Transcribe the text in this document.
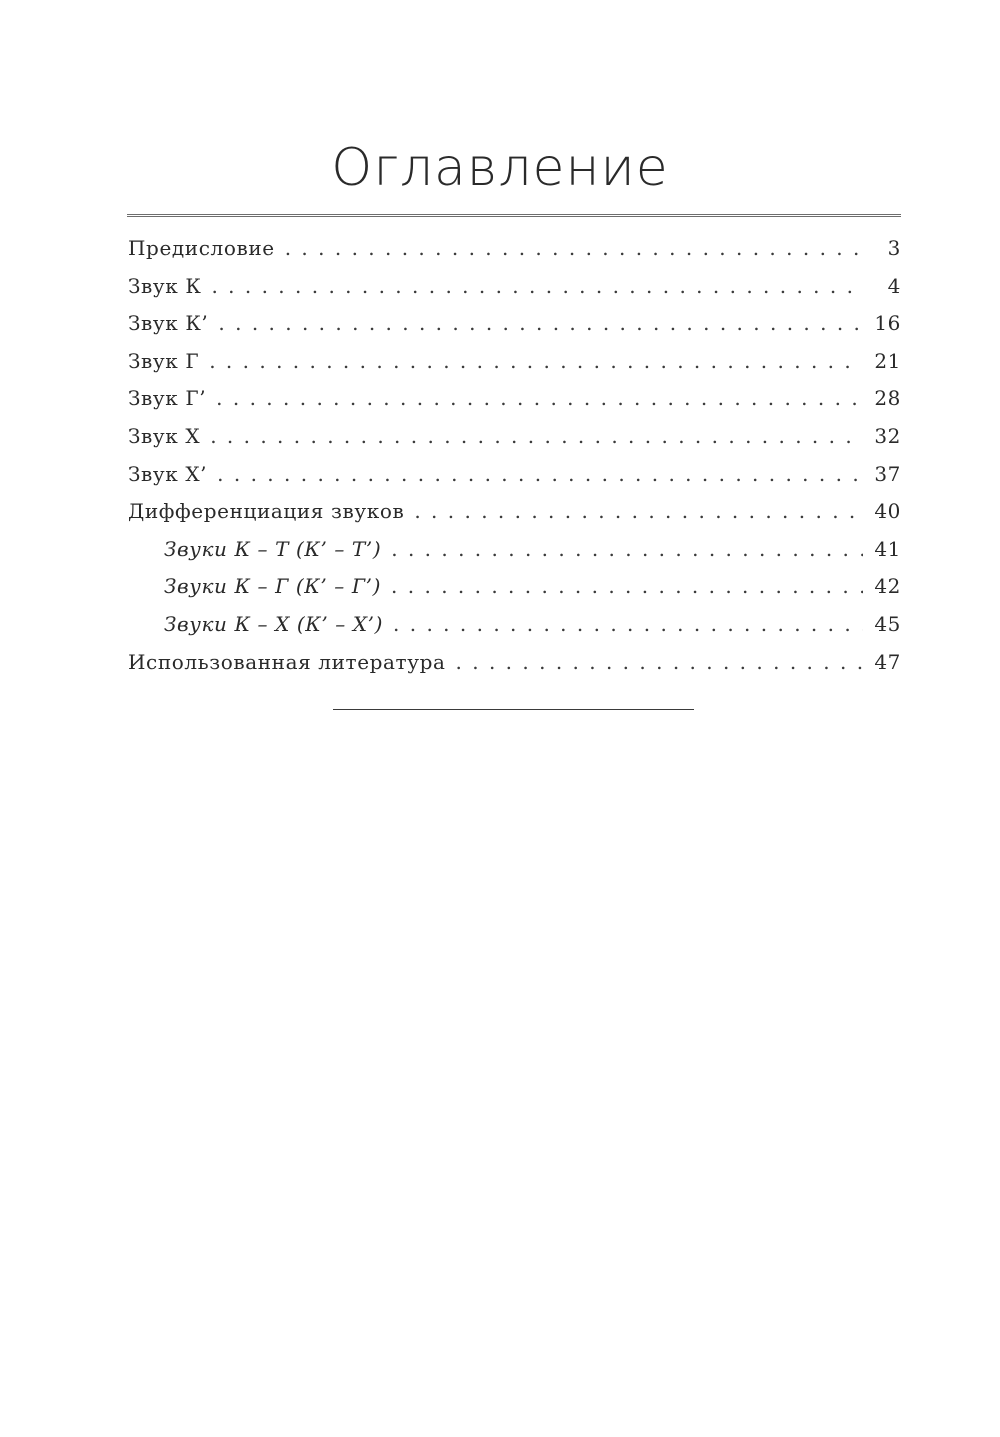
Оглавление
Предисловие . . .	3
Звук К . . .	4
Звук К’ . . .	16
Звук Г . . .	21
Звук Г’ . . .	28
Звук Х . . .	32
Звук Х’ . . .	37
Дифференциация звуков . . .	40
Звуки К – Т (К’ – Т’) . . .	41
Звуки К – Г (К’ – Г’) . . .	42
Звуки К – Х (К’ – Х’) . . .	45
Использованная литература . . .	47
